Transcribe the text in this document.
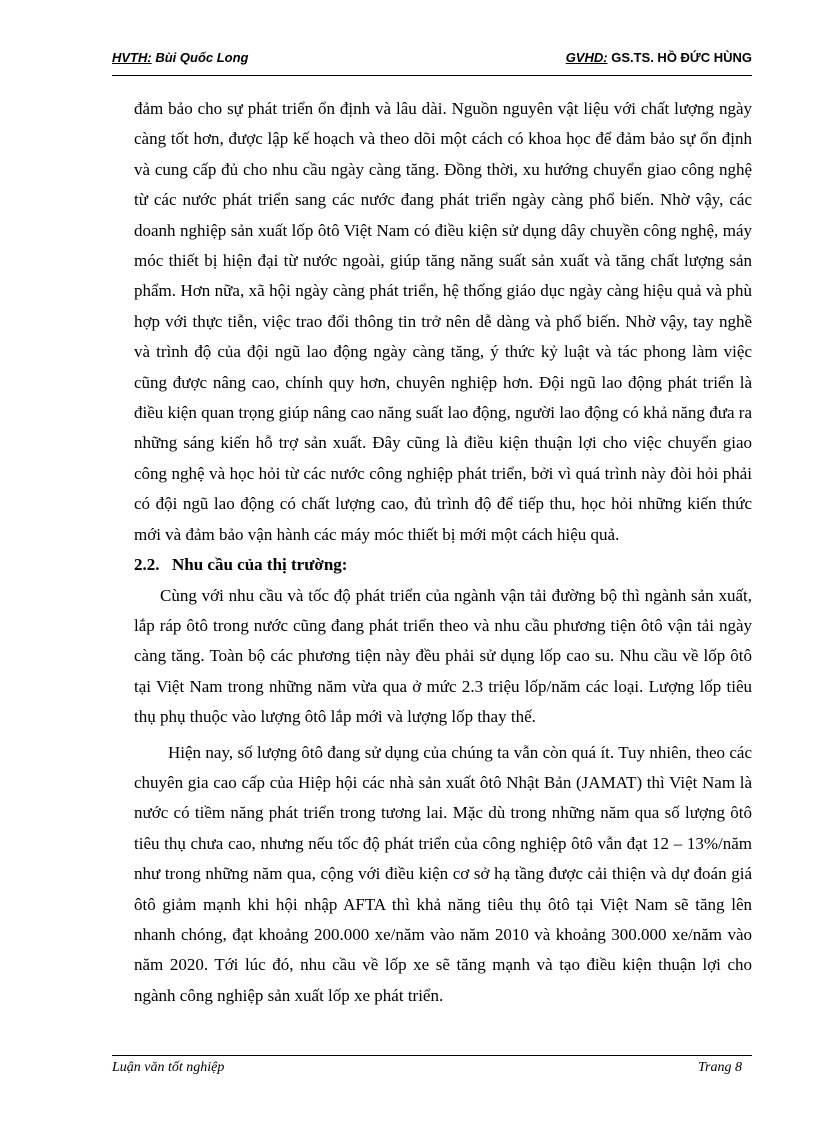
HVTH: Bùi Quốc Long	GVHD: GS.TS. HỒ ĐỨC HÙNG

đảm bảo cho sự phát triển ổn định và lâu dài. Nguồn nguyên vật liệu với chất lượng ngày càng tốt hơn, được lập kế hoạch và theo dõi một cách có khoa học để đảm bảo sự ổn định và cung cấp đủ cho nhu cầu ngày càng tăng. Đồng thời, xu hướng chuyển giao công nghệ từ các nước phát triển sang các nước đang phát triển ngày càng phổ biến. Nhờ vậy, các doanh nghiệp sản xuất lốp ôtô Việt Nam có điều kiện sử dụng dây chuyền công nghệ, máy móc thiết bị hiện đại từ nước ngoài, giúp tăng năng suất sản xuất và tăng chất lượng sản phẩm. Hơn nữa, xã hội ngày càng phát triển, hệ thống giáo dục ngày càng hiệu quả và phù hợp với thực tiễn, việc trao đổi thông tin trở nên dễ dàng và phổ biến. Nhờ vậy, tay nghề và trình độ của đội ngũ lao động ngày càng tăng, ý thức kỷ luật và tác phong làm việc cũng được nâng cao, chính quy hơn, chuyên nghiệp hơn. Đội ngũ lao động phát triển là điều kiện quan trọng giúp nâng cao năng suất lao động, người lao động có khả năng đưa ra những sáng kiến hỗ trợ sản xuất. Đây cũng là điều kiện thuận lợi cho việc chuyển giao công nghệ và học hỏi từ các nước công nghiệp phát triển, bởi vì quá trình này đòi hỏi phải có đội ngũ lao động có chất lượng cao, đủ trình độ để tiếp thu, học hỏi những kiến thức mới và đảm bảo vận hành các máy móc thiết bị mới một cách hiệu quả.

2.2. Nhu cầu của thị trường:

Cùng với nhu cầu và tốc độ phát triển của ngành vận tải đường bộ thì ngành sản xuất, lắp ráp ôtô trong nước cũng đang phát triển theo và nhu cầu phương tiện ôtô vận tải ngày càng tăng. Toàn bộ các phương tiện này đều phải sử dụng lốp cao su. Nhu cầu về lốp ôtô tại Việt Nam trong những năm vừa qua ở mức 2.3 triệu lốp/năm các loại. Lượng lốp tiêu thụ phụ thuộc vào lượng ôtô lắp mới và lượng lốp thay thế.

Hiện nay, số lượng ôtô đang sử dụng của chúng ta vẫn còn quá ít. Tuy nhiên, theo các chuyên gia cao cấp của Hiệp hội các nhà sản xuất ôtô Nhật Bản (JAMAT) thì Việt Nam là nước có tiềm năng phát triển trong tương lai. Mặc dù trong những năm qua số lượng ôtô tiêu thụ chưa cao, nhưng nếu tốc độ phát triển của công nghiệp ôtô vẫn đạt 12 – 13%/năm như trong những năm qua, cộng với điều kiện cơ sở hạ tầng được cải thiện và dự đoán giá ôtô giảm mạnh khi hội nhập AFTA thì khả năng tiêu thụ ôtô tại Việt Nam sẽ tăng lên nhanh chóng, đạt khoảng 200.000 xe/năm vào năm 2010 và khoảng 300.000 xe/năm vào năm 2020. Tới lúc đó, nhu cầu về lốp xe sẽ tăng mạnh và tạo điều kiện thuận lợi cho ngành công nghiệp sản xuất lốp xe phát triển.

Luận văn tốt nghiệp	Trang 8
